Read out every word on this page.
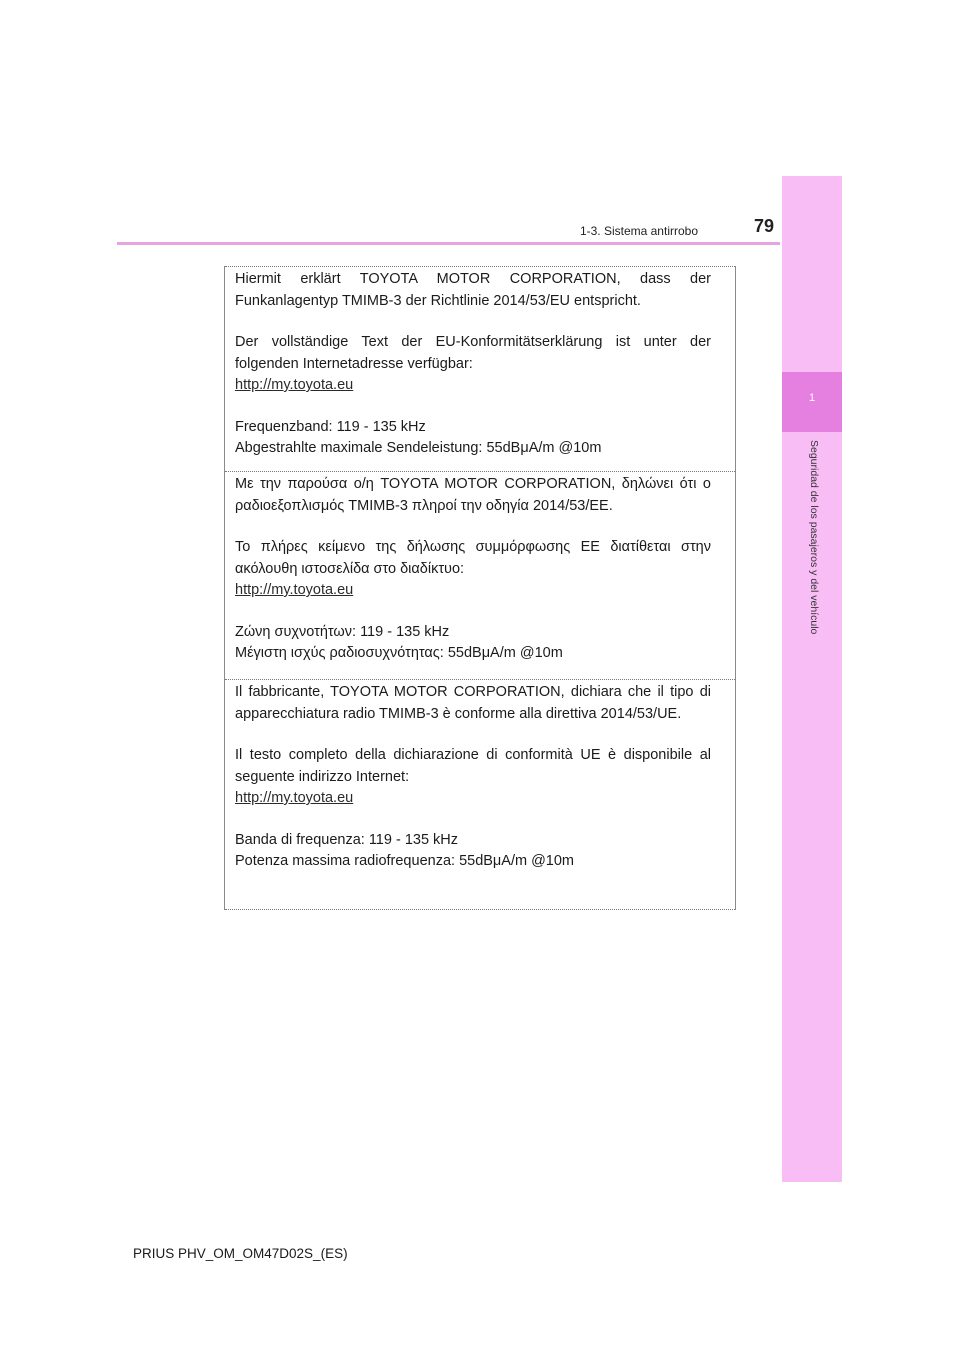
1-3. Sistema antirrobo	79
1
Seguridad de los pasajeros y del vehículo

Hiermit erklärt TOYOTA MOTOR CORPORATION, dass der Funkanlagentyp TMIMB-3 der Richtlinie 2014/53/EU entspricht.

Der vollständige Text der EU-Konformitätserklärung ist unter der folgenden Internetadresse verfügbar:

http://my.toyota.eu

Frequenzband: 119 - 135 kHz

Abgestrahlte maximale Sendeleistung: 55dBμA/m @10m

Με την παρούσα ο/η TOYOTA MOTOR CORPORATION, δηλώνει ότι ο ραδιοεξοπλισμός TMIMB-3 πληροί την οδηγία 2014/53/ΕΕ.

Το πλήρες κείμενο της δήλωσης συμμόρφωσης ΕΕ διατίθεται στην ακόλουθη ιστοσελίδα στο διαδίκτυο:

http://my.toyota.eu

Ζώνη συχνοτήτων: 119 - 135 kHz

Μέγιστη ισχύς ραδιοσυχνότητας: 55dBμA/m @10m

Il fabbricante, TOYOTA MOTOR CORPORATION, dichiara che il tipo di apparecchiatura radio TMIMB-3 è conforme alla direttiva 2014/53/UE.

Il testo completo della dichiarazione di conformità UE è disponibile al seguente indirizzo Internet:

http://my.toyota.eu

Banda di frequenza: 119 - 135 kHz

Potenza massima radiofrequenza: 55dBμA/m @10m

PRIUS PHV_OM_OM47D02S_(ES)
